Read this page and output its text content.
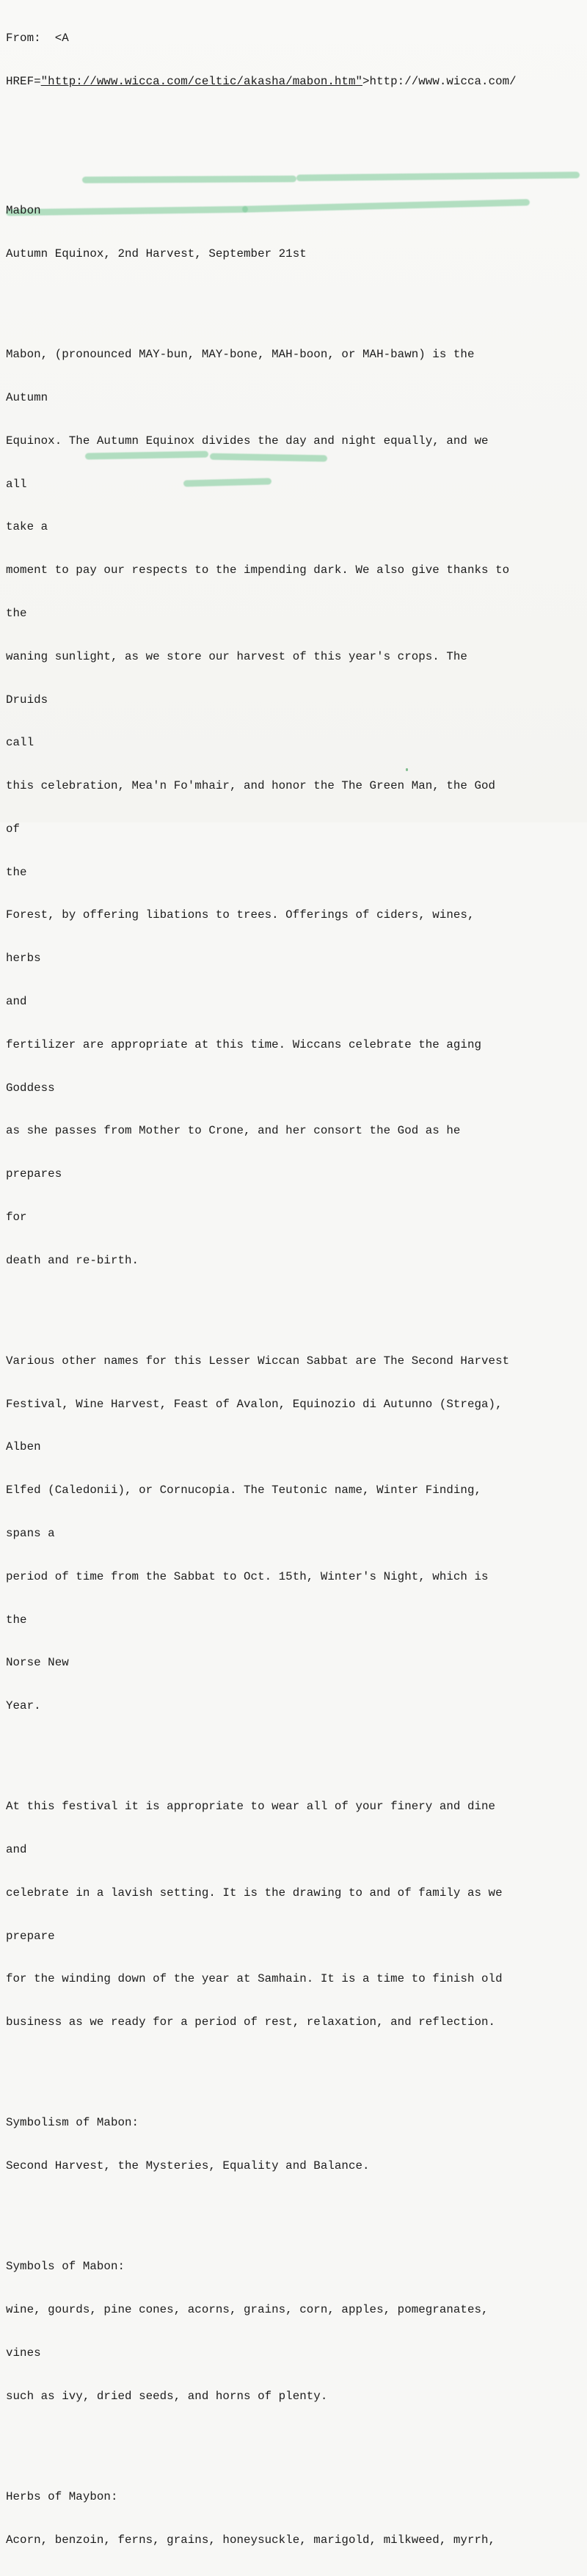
From: <A

HREF="http://www.wicca.com/celtic/akasha/mabon.htm">http://www.wicca.com/

Mabon

Autumn Equinox, 2nd Harvest, September 21st

Mabon, (pronounced MAY-bun, MAY-bone, MAH-boon, or MAH-bawn) is the

Autumn

Equinox. The Autumn Equinox divides the day and night equally, and we

all

take a

moment to pay our respects to the impending dark. We also give thanks to

the

waning sunlight, as we store our harvest of this year's crops. The

Druids

call

this celebration, Mea'n Fo'mhair, and honor the The Green Man, the God

of

the

Forest, by offering libations to trees. Offerings of ciders, wines,

herbs

and

fertilizer are appropriate at this time. Wiccans celebrate the aging

Goddess

as she passes from Mother to Crone, and her consort the God as he

prepares

for

death and re-birth.

Various other names for this Lesser Wiccan Sabbat are The Second Harvest

Festival, Wine Harvest, Feast of Avalon, Equinozio di Autunno (Strega),

Alben

Elfed (Caledonii), or Cornucopia. The Teutonic name, Winter Finding,

spans a

period of time from the Sabbat to Oct. 15th, Winter's Night, which is

the

Norse New

Year.

At this festival it is appropriate to wear all of your finery and dine

and

celebrate in a lavish setting. It is the drawing to and of family as we

prepare

for the winding down of the year at Samhain. It is a time to finish old

business as we ready for a period of rest, relaxation, and reflection.

Symbolism of Mabon:

Second Harvest, the Mysteries, Equality and Balance.

Symbols of Mabon:

wine, gourds, pine cones, acorns, grains, corn, apples, pomegranates,

vines

such as ivy, dried seeds, and horns of plenty.

Herbs of Maybon:

Acorn, benzoin, ferns, grains, honeysuckle, marigold, milkweed, myrrh,
